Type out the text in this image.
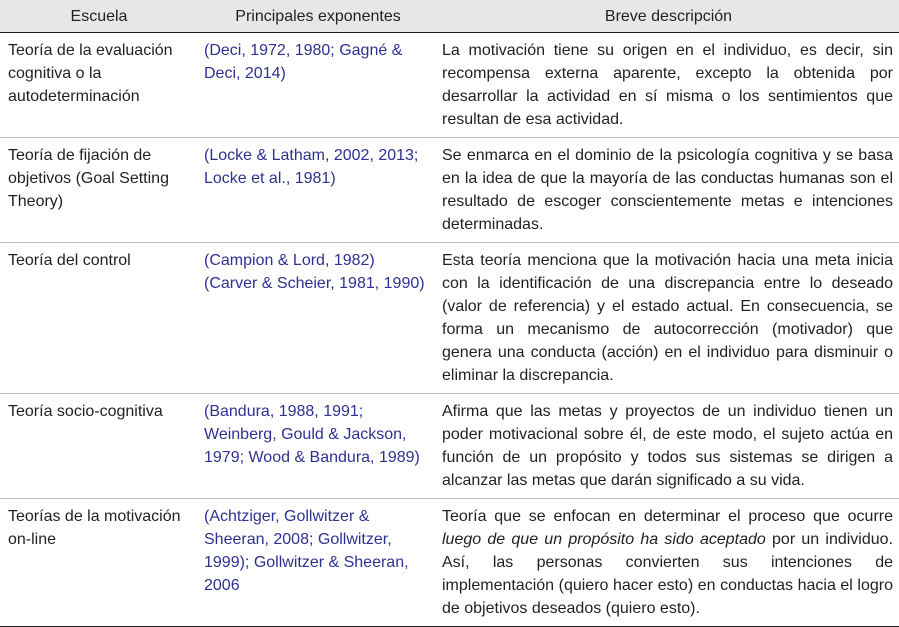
Escuela	Principales exponentes	Breve descripción
Teoría de la evaluación cognitiva o la autodeterminación	(Deci, 1972, 1980; Gagné & Deci, 2014)	La motivación tiene su origen en el individuo, es decir, sin recompensa externa aparente, excepto la obtenida por desarrollar la actividad en sí misma o los sentimientos que resultan de esa actividad.
Teoría de fijación de objetivos (Goal Setting Theory)	(Locke & Latham, 2002, 2013; Locke et al., 1981)	Se enmarca en el dominio de la psicología cognitiva y se basa en la idea de que la mayoría de las conductas humanas son el resultado de escoger conscientemente metas e intenciones determinadas.
Teoría del control	(Campion & Lord, 1982) (Carver & Scheier, 1981, 1990)	Esta teoría menciona que la motivación hacia una meta inicia con la identificación de una discrepancia entre lo deseado (valor de referencia) y el estado actual. En consecuencia, se forma un mecanismo de autocorrección (motivador) que genera una conducta (acción) en el individuo para disminuir o eliminar la discrepancia.
Teoría socio-cognitiva	(Bandura, 1988, 1991; Weinberg, Gould & Jackson, 1979; Wood & Bandura, 1989)	Afirma que las metas y proyectos de un individuo tienen un poder motivacional sobre él, de este modo, el sujeto actúa en función de un propósito y todos sus sistemas se dirigen a alcanzar las metas que darán significado a su vida.
Teorías de la motivación on-line	(Achtziger, Gollwitzer & Sheeran, 2008; Gollwitzer, 1999); Gollwitzer & Sheeran, 2006	Teoría que se enfocan en determinar el proceso que ocurre luego de que un propósito ha sido aceptado por un individuo. Así, las personas convierten sus intenciones de implementación (quiero hacer esto) en conductas hacia el logro de objetivos deseados (quiero esto).
